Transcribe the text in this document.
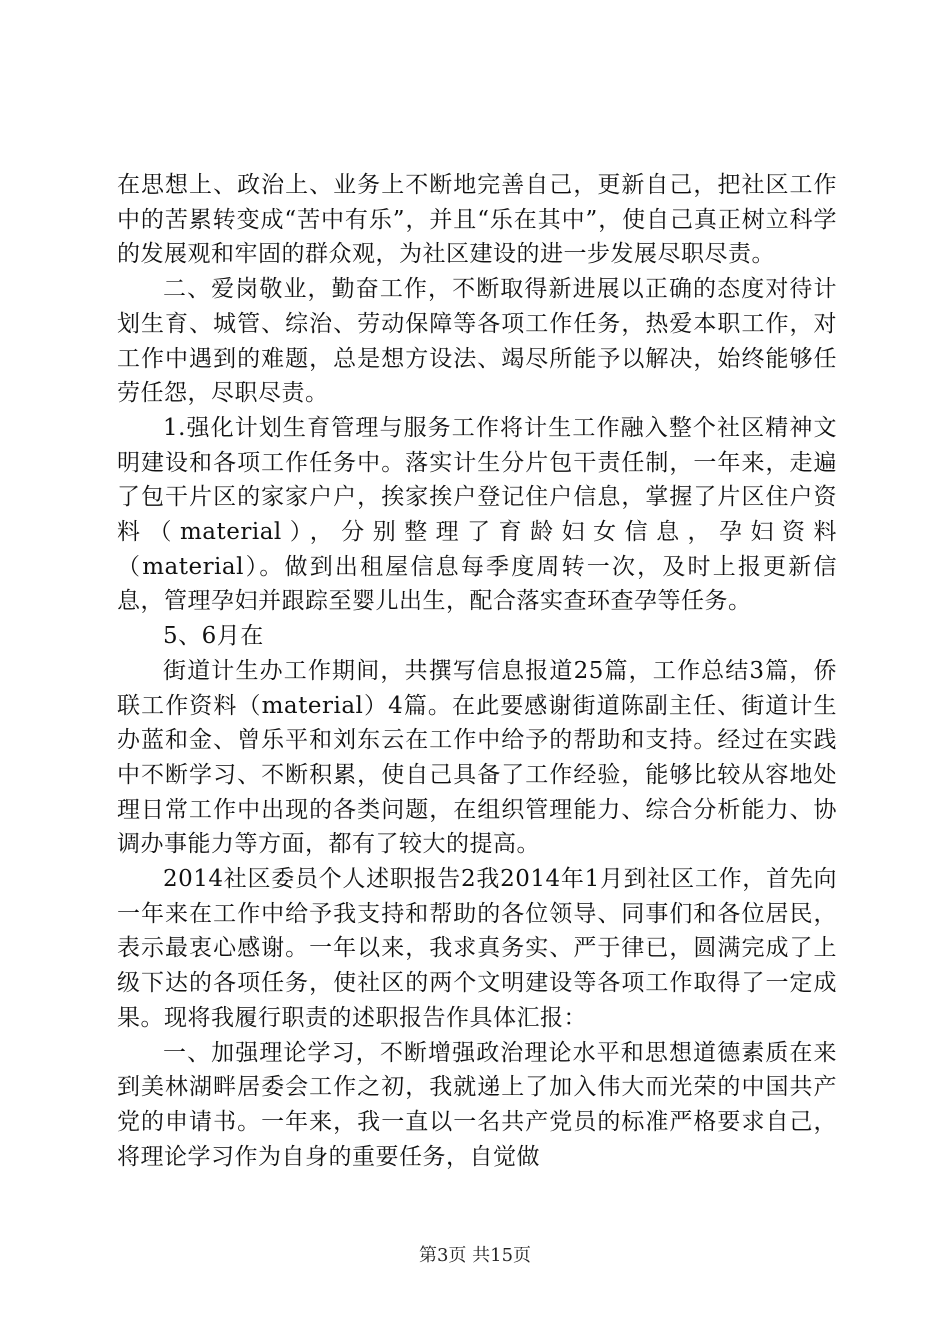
在思想上、政治上、业务上不断地完善自己，更新自己，把社区工作中的苦累转变成“苦中有乐”，并且“乐在其中”，使自己真正树立科学的发展观和牢固的群众观，为社区建设的进一步发展尽职尽责。

二、爱岗敬业，勤奋工作，不断取得新进展以正确的态度对待计划生育、城管、综治、劳动保障等各项工作任务，热爱本职工作，对工作中遇到的难题，总是想方设法、竭尽所能予以解决，始终能够任劳任怨，尽职尽责。

1.强化计划生育管理与服务工作将计生工作融入整个社区精神文明建设和各项工作任务中。落实计生分片包干责任制，一年来，走遍了包干片区的家家户户，挨家挨户登记住户信息，掌握了片区住户资料（material），分别整理了育龄妇女信息，孕妇资料（material）。做到出租屋信息每季度周转一次，及时上报更新信息，管理孕妇并跟踪至婴儿出生，配合落实查环查孕等任务。

5、6月在

街道计生办工作期间，共撰写信息报道25篇，工作总结3篇，侨联工作资料（material）4篇。在此要感谢街道陈副主任、街道计生办蓝和金、曾乐平和刘东云在工作中给予的帮助和支持。经过在实践中不断学习、不断积累，使自己具备了工作经验，能够比较从容地处理日常工作中出现的各类问题，在组织管理能力、综合分析能力、协调办事能力等方面，都有了较大的提高。

2014社区委员个人述职报告2我2014年1月到社区工作，首先向一年来在工作中给予我支持和帮助的各位领导、同事们和各位居民，表示最衷心感谢。一年以来，我求真务实、严于律已，圆满完成了上级下达的各项任务，使社区的两个文明建设等各项工作取得了一定成果。现将我履行职责的述职报告作具体汇报：

一、加强理论学习，不断增强政治理论水平和思想道德素质在来到美林湖畔居委会工作之初，我就递上了加入伟大而光荣的中国共产党的申请书。一年来，我一直以一名共产党员的标准严格要求自己，将理论学习作为自身的重要任务，自觉做

第3页 共15页
